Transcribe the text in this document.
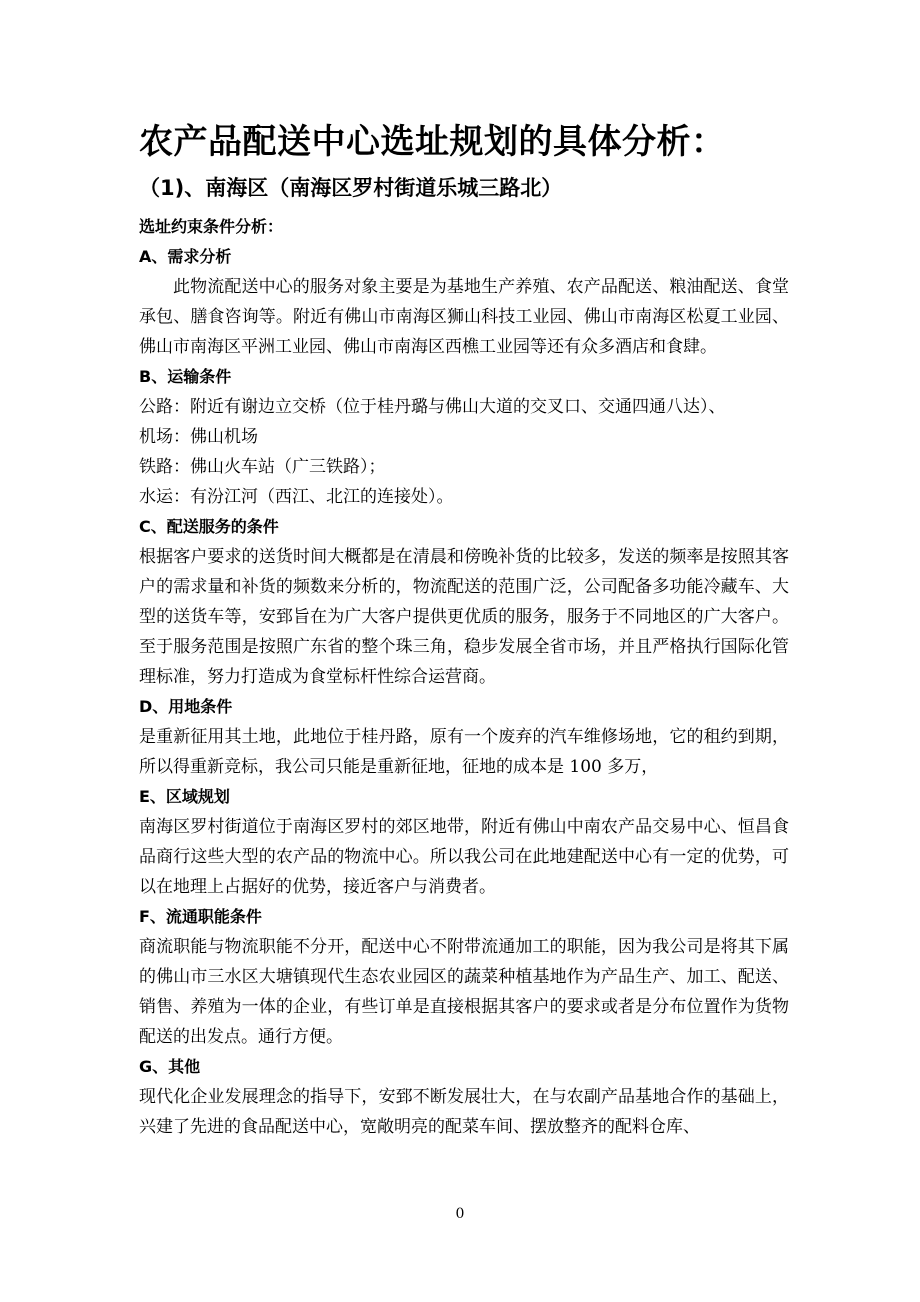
农产品配送中心选址规划的具体分析：
（1)、南海区（南海区罗村街道乐城三路北）
选址约束条件分析：
A、需求分析
此物流配送中心的服务对象主要是为基地生产养殖、农产品配送、粮油配送、食堂承包、膳食咨询等。附近有佛山市南海区狮山科技工业园、佛山市南海区松夏工业园、佛山市南海区平洲工业园、佛山市南海区西樵工业园等还有众多酒店和食肆。
B、运输条件
公路：附近有谢边立交桥（位于桂丹璐与佛山大道的交叉口、交通四通八达）、
机场：佛山机场
铁路：佛山火车站（广三铁路）；
水运：有汾江河（西江、北江的连接处）。
C、配送服务的条件
根据客户要求的送货时间大概都是在清晨和傍晚补货的比较多，发送的频率是按照其客户的需求量和补货的频数来分析的，物流配送的范围广泛，公司配备多功能冷藏车、大型的送货车等，安郅旨在为广大客户提供更优质的服务，服务于不同地区的广大客户。至于服务范围是按照广东省的整个珠三角，稳步发展全省市场，并且严格执行国际化管理标准，努力打造成为食堂标杆性综合运营商。
D、用地条件
是重新征用其土地，此地位于桂丹路，原有一个废弃的汽车维修场地，它的租约到期，所以得重新竞标，我公司只能是重新征地，征地的成本是 100 多万，
E、区域规划
南海区罗村街道位于南海区罗村的郊区地带，附近有佛山中南农产品交易中心、恒昌食品商行这些大型的农产品的物流中心。所以我公司在此地建配送中心有一定的优势，可以在地理上占据好的优势，接近客户与消费者。
F、流通职能条件
商流职能与物流职能不分开，配送中心不附带流通加工的职能，因为我公司是将其下属的佛山市三水区大塘镇现代生态农业园区的蔬菜种植基地作为产品生产、加工、配送、销售、养殖为一体的企业，有些订单是直接根据其客户的要求或者是分布位置作为货物配送的出发点。通行方便。
G、其他
现代化企业发展理念的指导下，安郅不断发展壮大，在与农副产品基地合作的基础上，兴建了先进的食品配送中心，宽敞明亮的配菜车间、摆放整齐的配料仓库、
0
